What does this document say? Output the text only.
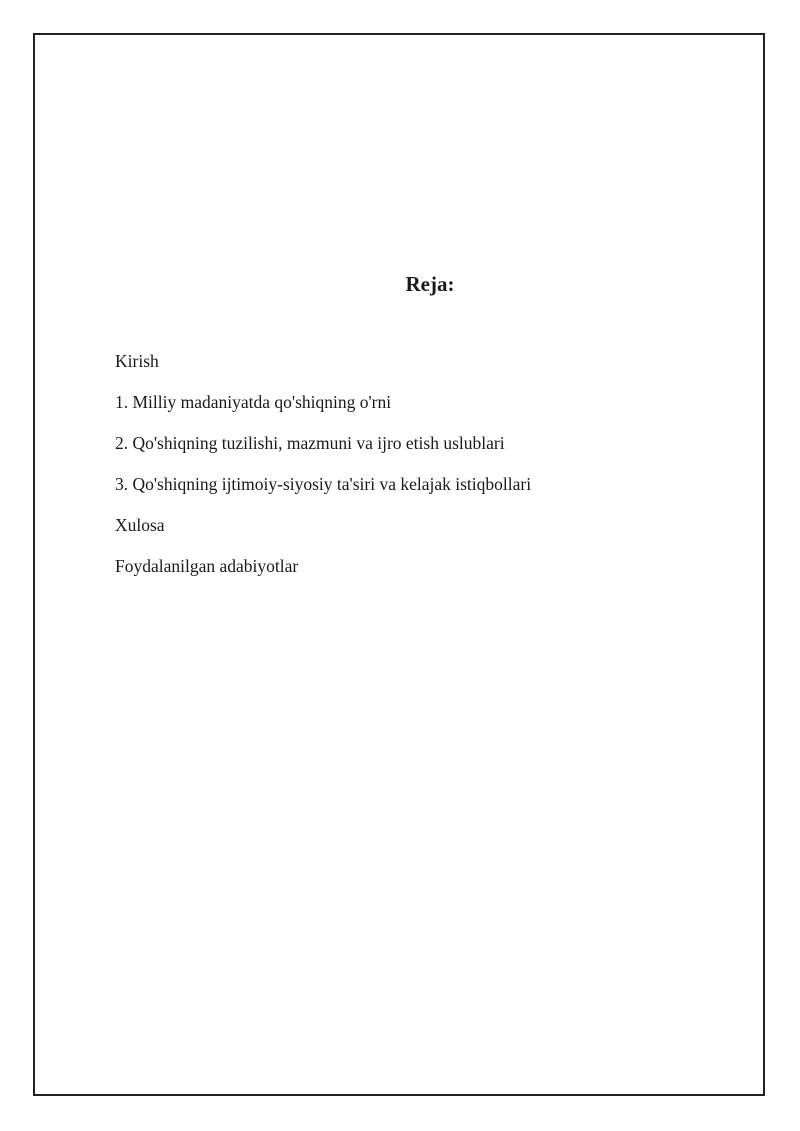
Reja:
Kirish
1. Milliy madaniyatda qo'shiqning o'rni
2. Qo'shiqning tuzilishi, mazmuni va ijro etish uslublari
3. Qo'shiqning ijtimoiy-siyosiy ta'siri va kelajak istiqbollari
Xulosa
Foydalanilgan adabiyotlar
